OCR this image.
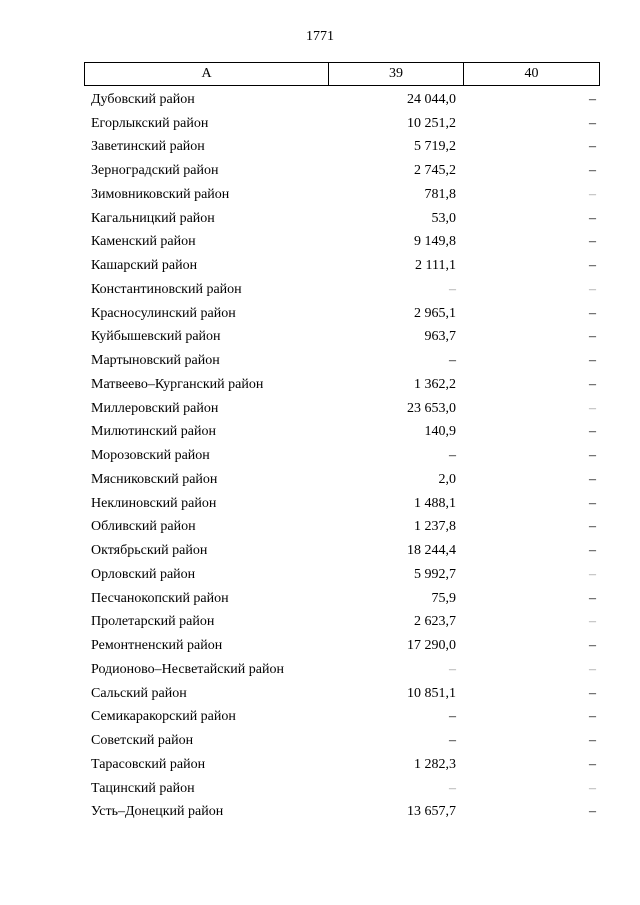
1771
А	39	40
Дубовский район	24 044,0	–
Егорлыкский район	10 251,2	–
Заветинский район	5 719,2	–
Зерноградский район	2 745,2	–
Зимовниковский район	781,8	–
Кагальницкий район	53,0	–
Каменский район	9 149,8	–
Кашарский район	2 111,1	–
Константиновский район	–	–
Красносулинский район	2 965,1	–
Куйбышевский район	963,7	–
Мартыновский район	–	–
Матвеево–Курганский район	1 362,2	–
Миллеровский район	23 653,0	–
Милютинский район	140,9	–
Морозовский район	–	–
Мясниковский район	2,0	–
Неклиновский район	1 488,1	–
Обливский район	1 237,8	–
Октябрьский район	18 244,4	–
Орловский район	5 992,7	–
Песчанокопский район	75,9	–
Пролетарский район	2 623,7	–
Ремонтненский район	17 290,0	–
Родионово–Несветайский район	–	–
Сальский район	10 851,1	–
Семикаракорский район	–	–
Советский район	–	–
Тарасовский район	1 282,3	–
Тацинский район	–	–
Усть–Донецкий район	13 657,7	–
